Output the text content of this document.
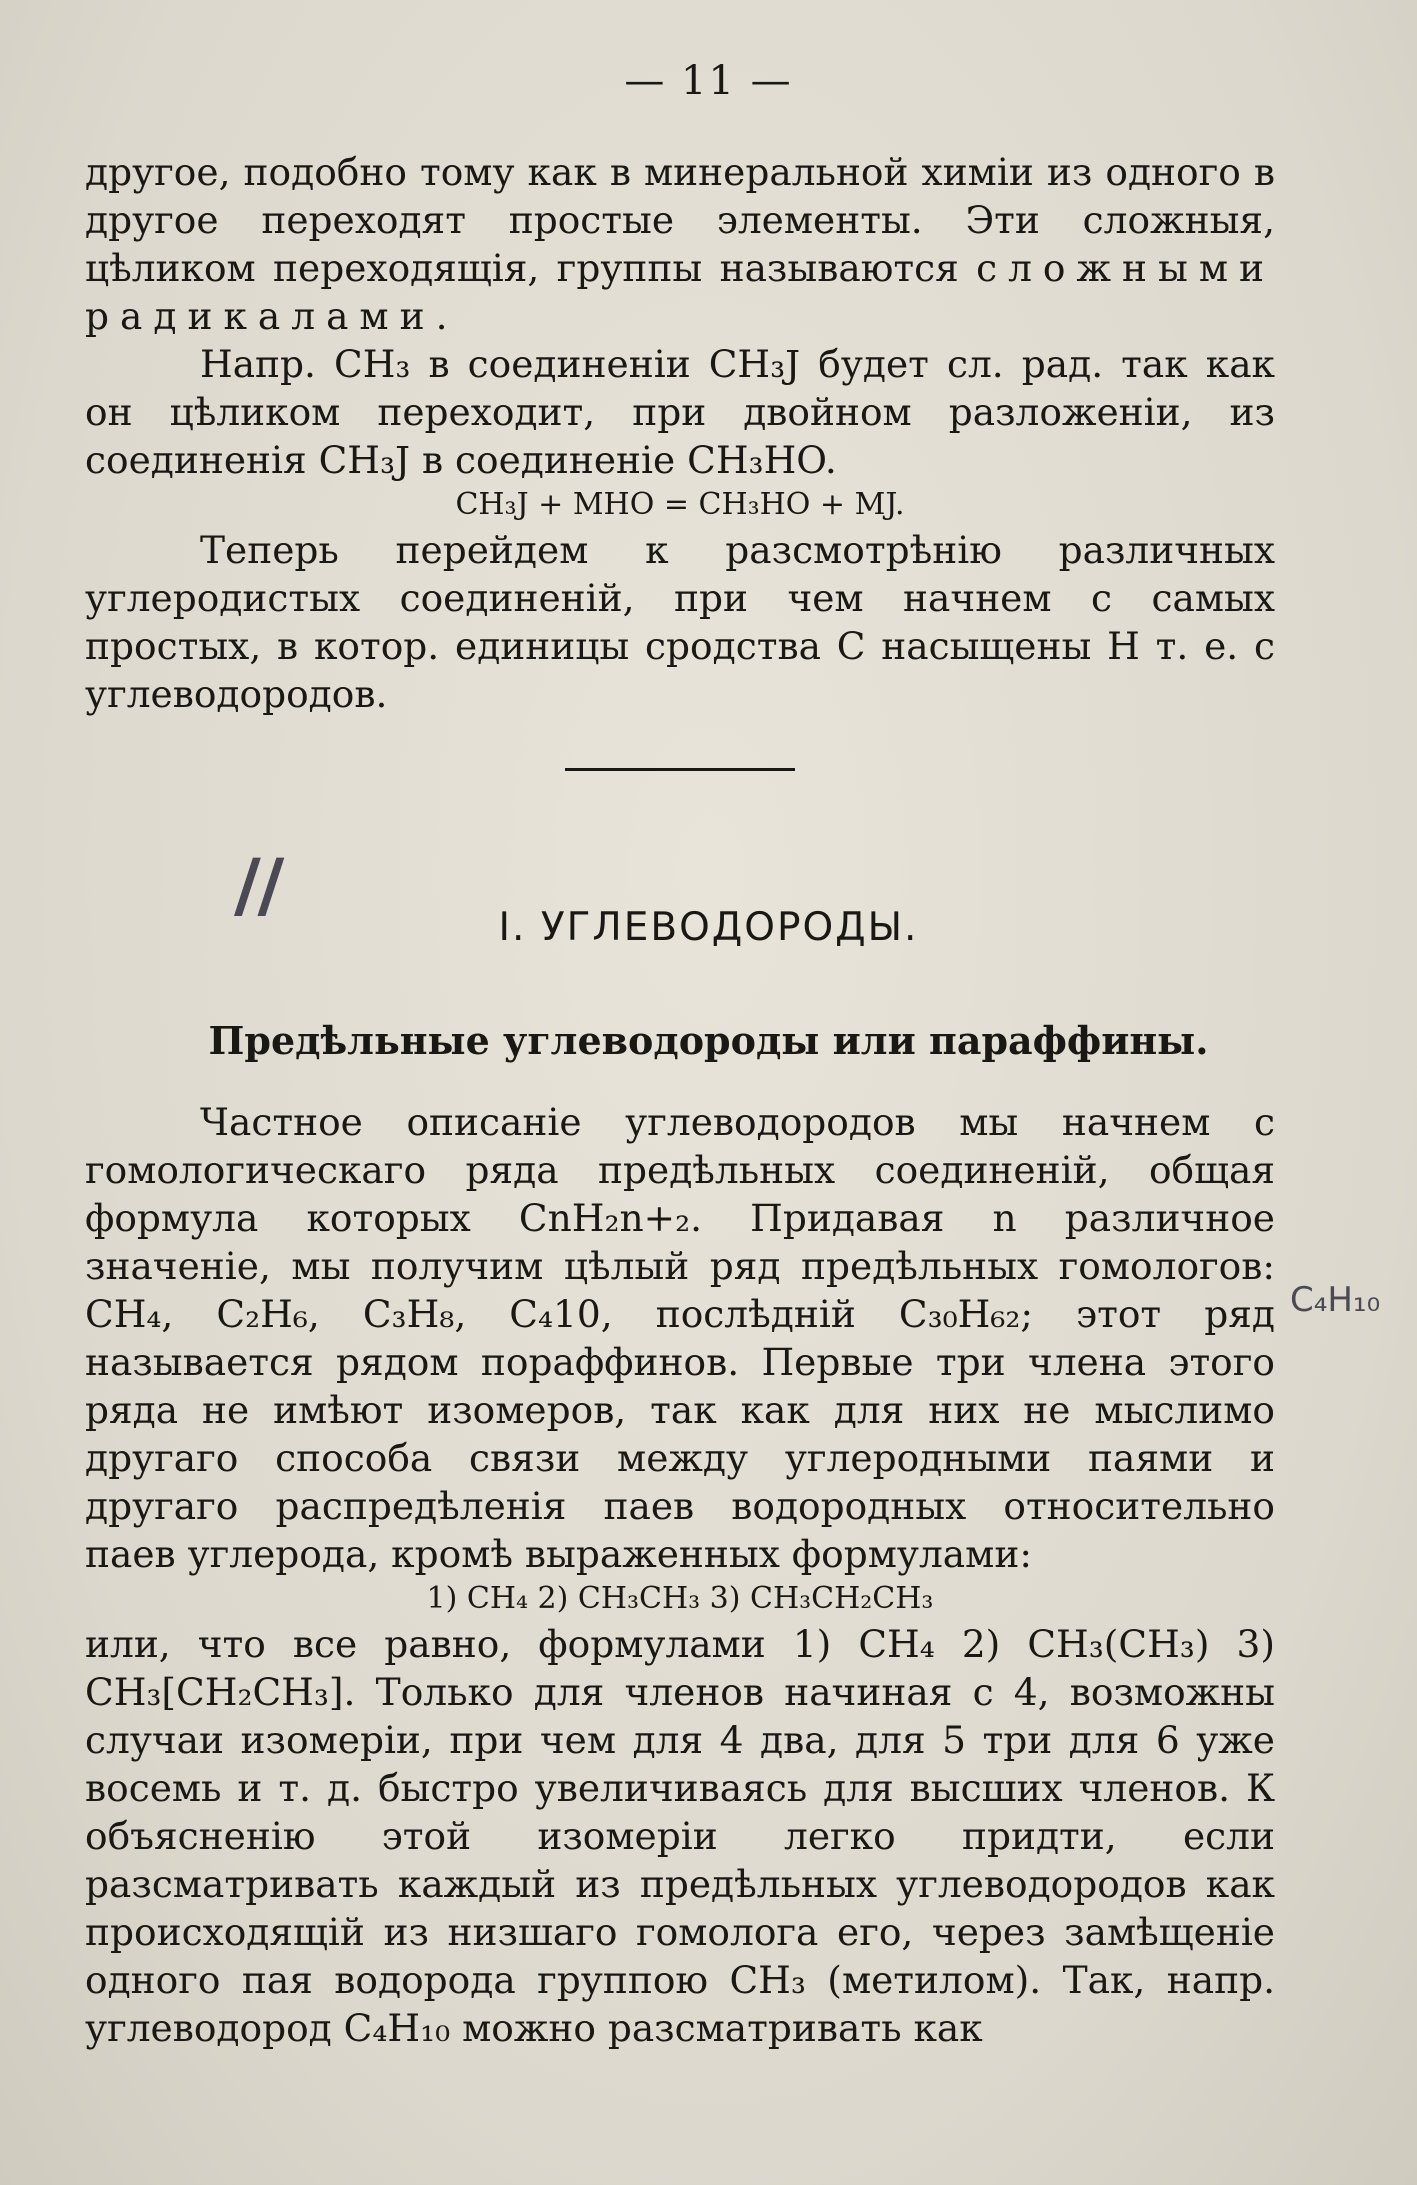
— 11 —

другое, подобно тому как в минеральной химіи из одного в другое переходят простые элементы. Эти сложныя, цѣликом переходящія, группы называются сложными радикалами.

Напр. CH₃ в соединеніи CH₃J будет сл. рад. так как он цѣликом переходит, при двойном разложеніи, из соединенія CH₃J в соединеніе CH₃HO.

CH₃J + MHO = CH₃HO + MJ.

Теперь перейдем к разсмотрѣнію различных углеродистых соединеній, при чем начнем с самых простых, в котор. единицы сродства C насыщены H т. е. с углеводородов.

II	I. УГЛЕВОДОРОДЫ.
Предѣльные углеводороды или параффины.

Частное описаніе углеводородов мы начнем с гомологическаго ряда предѣльных соединеній, общая формула которых CnH₂n+₂. Придавая n различное значеніе, мы получим цѣлый ряд предѣльных гомологов: CH₄, C₂H₆, C₃H₈, C₄10, послѣдній C₃₀H₆₂; этот ряд называется рядом пораффинов. Первые три члена этого ряда не имѣют изомеров, так как для них не мыслимо другаго способа связи между углеродными паями и другаго распредѣленія паев водородных относительно паев углерода, кромѣ выраженных формулами:

1) CH₄ 2) CH₃CH₃ 3) CH₃CH₂CH₃

или, что все равно, формулами 1) CH₄ 2) CH₃(CH₃) 3) CH₃[CH₂CH₃]. Только для членов начиная с 4, возможны случаи изомеріи, при чем для 4 два, для 5 три для 6 уже восемь и т. д. быстро увеличиваясь для высших членов. К объясненію этой изомеріи легко придти, если разсматривать каждый из предѣльных углеводородов как происходящій из низшаго гомолога его, через замѣщеніе одного пая водорода группою CH₃ (метилом). Так, напр. углеводород C₄H₁₀ можно разсматривать как

C₄H₁₀
